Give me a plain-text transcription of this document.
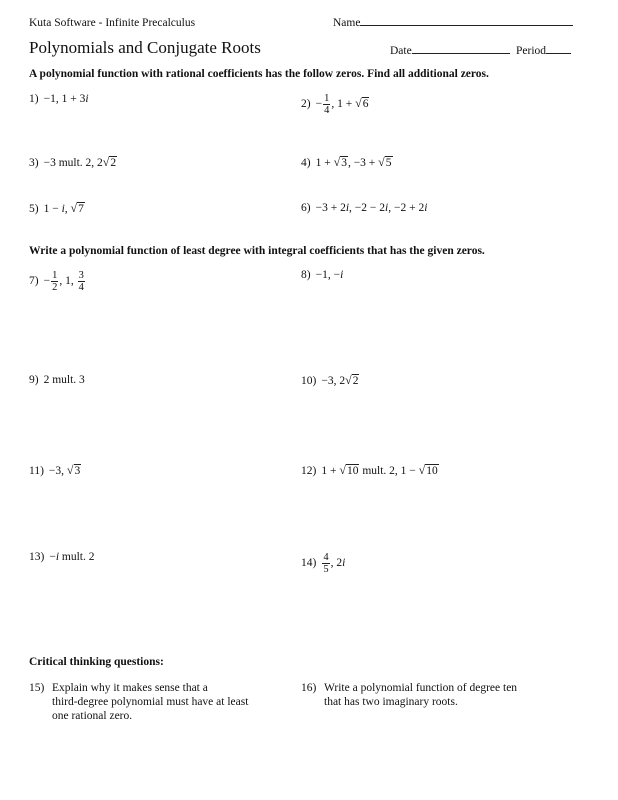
Kuta Software - Infinite Precalculus	Name
Polynomials and Conjugate Roots	Date	Period
A polynomial function with rational coefficients has the follow zeros. Find all additional zeros.
1) −1, 1 + 3i	$2) - \frac{1}{4}$ , 1 + √6
3) −3 mult. 2, 2√2	4) 1 + √3, −3 + √5
5) 1 − i, √7	6) −3 + 2i, −2 − 2i, −2 + 2i
Write a polynomial function of least degree with integral coefficients that has the given zeros.
$7) - \frac{1}{2}$ , 1, $\frac{3}{4}$	8) −1, −i
9) 2 mult. 3	10) −3, 2√2
11) −3, √3	12) 1 + √10 mult. 2, 1 − √10
13) −i mult. 2
$14) \frac{4}{5}$ , 2i
Critical thinking questions:
15) Explain why it makes sense that a
third-degree polynomial must have at least
one rational zero.
16) Write a polynomial function of degree ten
that has two imaginary roots.
